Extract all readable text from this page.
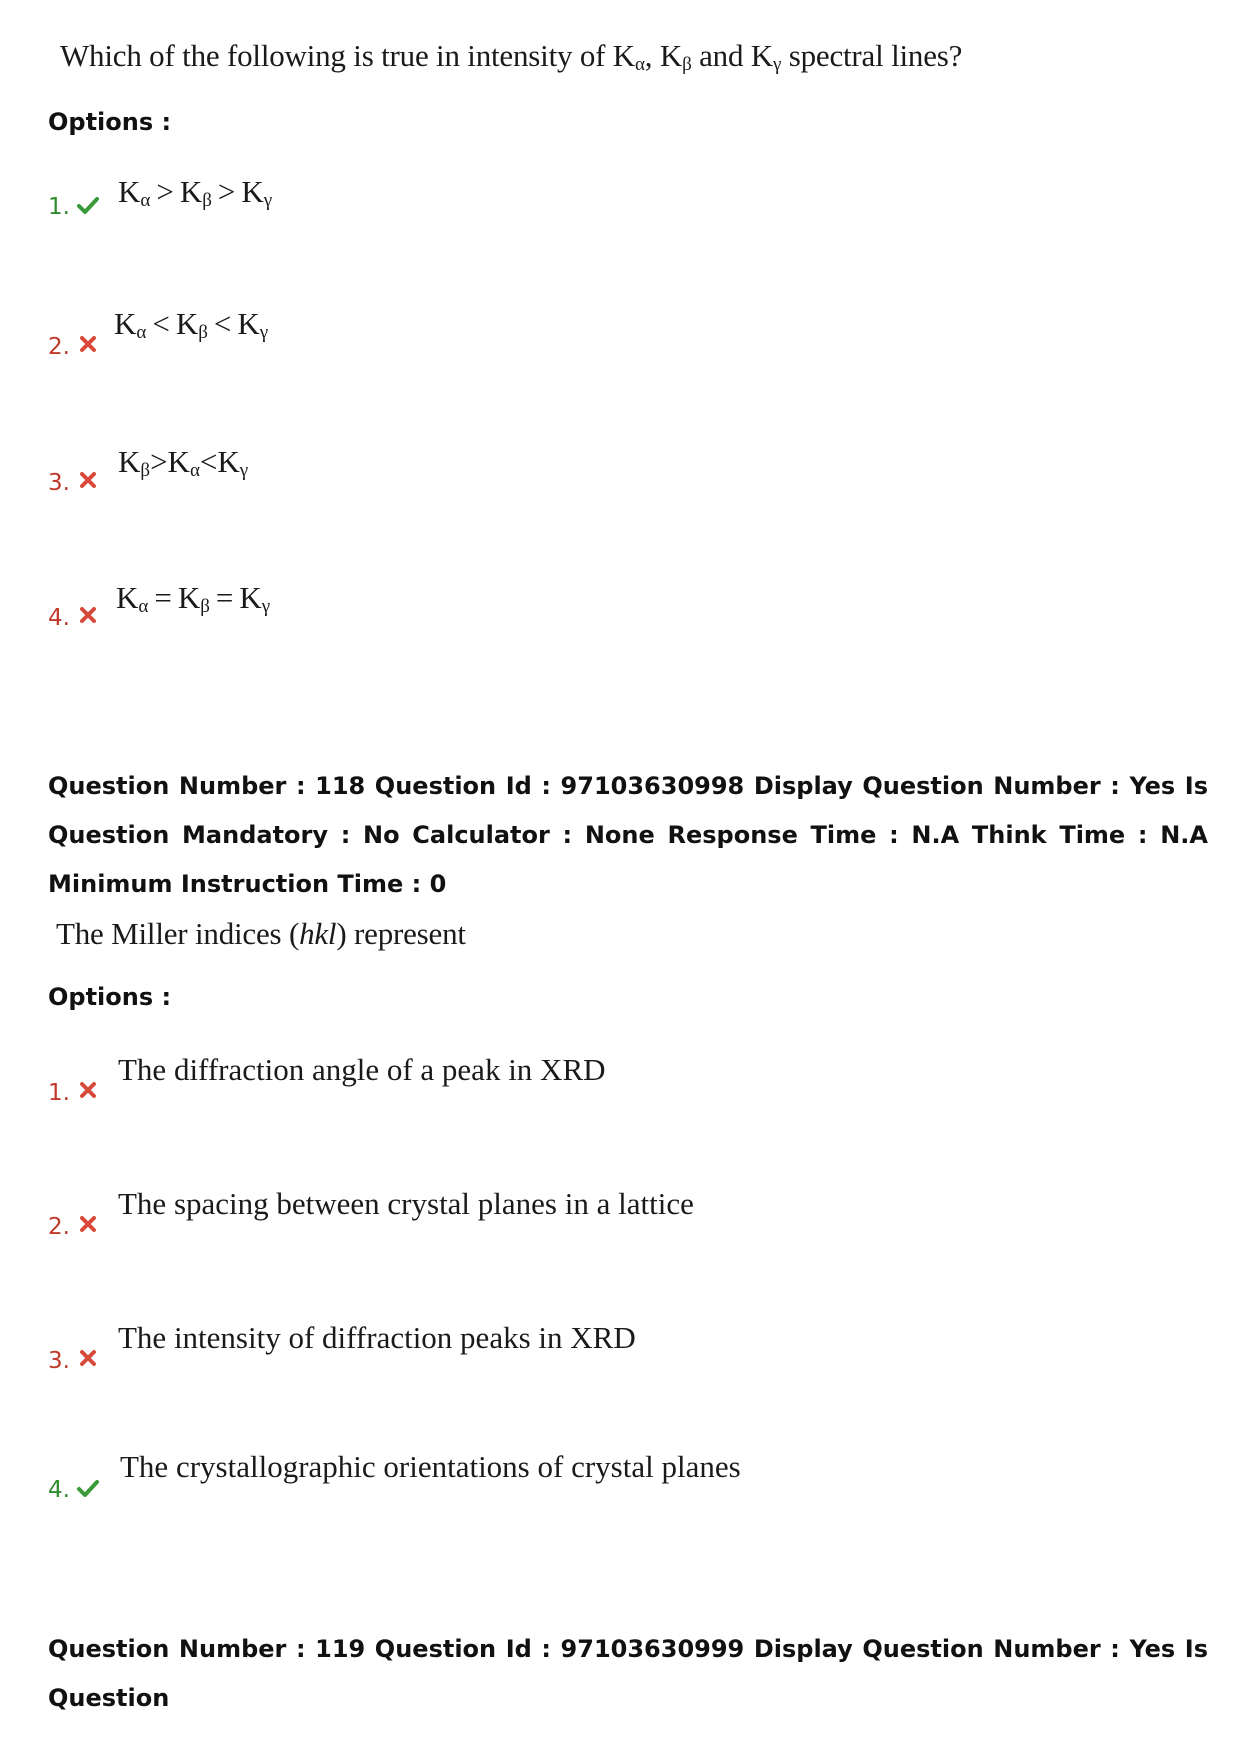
Which of the following is true in intensity of $K_\alpha$, $K_\beta$ and $K_\gamma$ spectral lines?
Options :
1. $K_\alpha > K_\beta > K_\gamma$
2.
$K_\alpha < K_\beta < K_\gamma$
3.
$K_\beta>K_\alpha<K_\gamma$
4.
$K_\alpha = K_\beta = K_\gamma$
Question Number : 118 Question Id : 97103630998 Display Question Number : Yes Is Question Mandatory : No Calculator : None Response Time : N.A Think Time : N.A Minimum Instruction Time : 0
The Miller indices (hkl) represent
Options :
1.
The diffraction angle of a peak in XRD
2.
The spacing between crystal planes in a lattice
3.
The intensity of diffraction peaks in XRD
4.
The crystallographic orientations of crystal planes
Question Number : 119 Question Id : 97103630999 Display Question Number : Yes Is Question
